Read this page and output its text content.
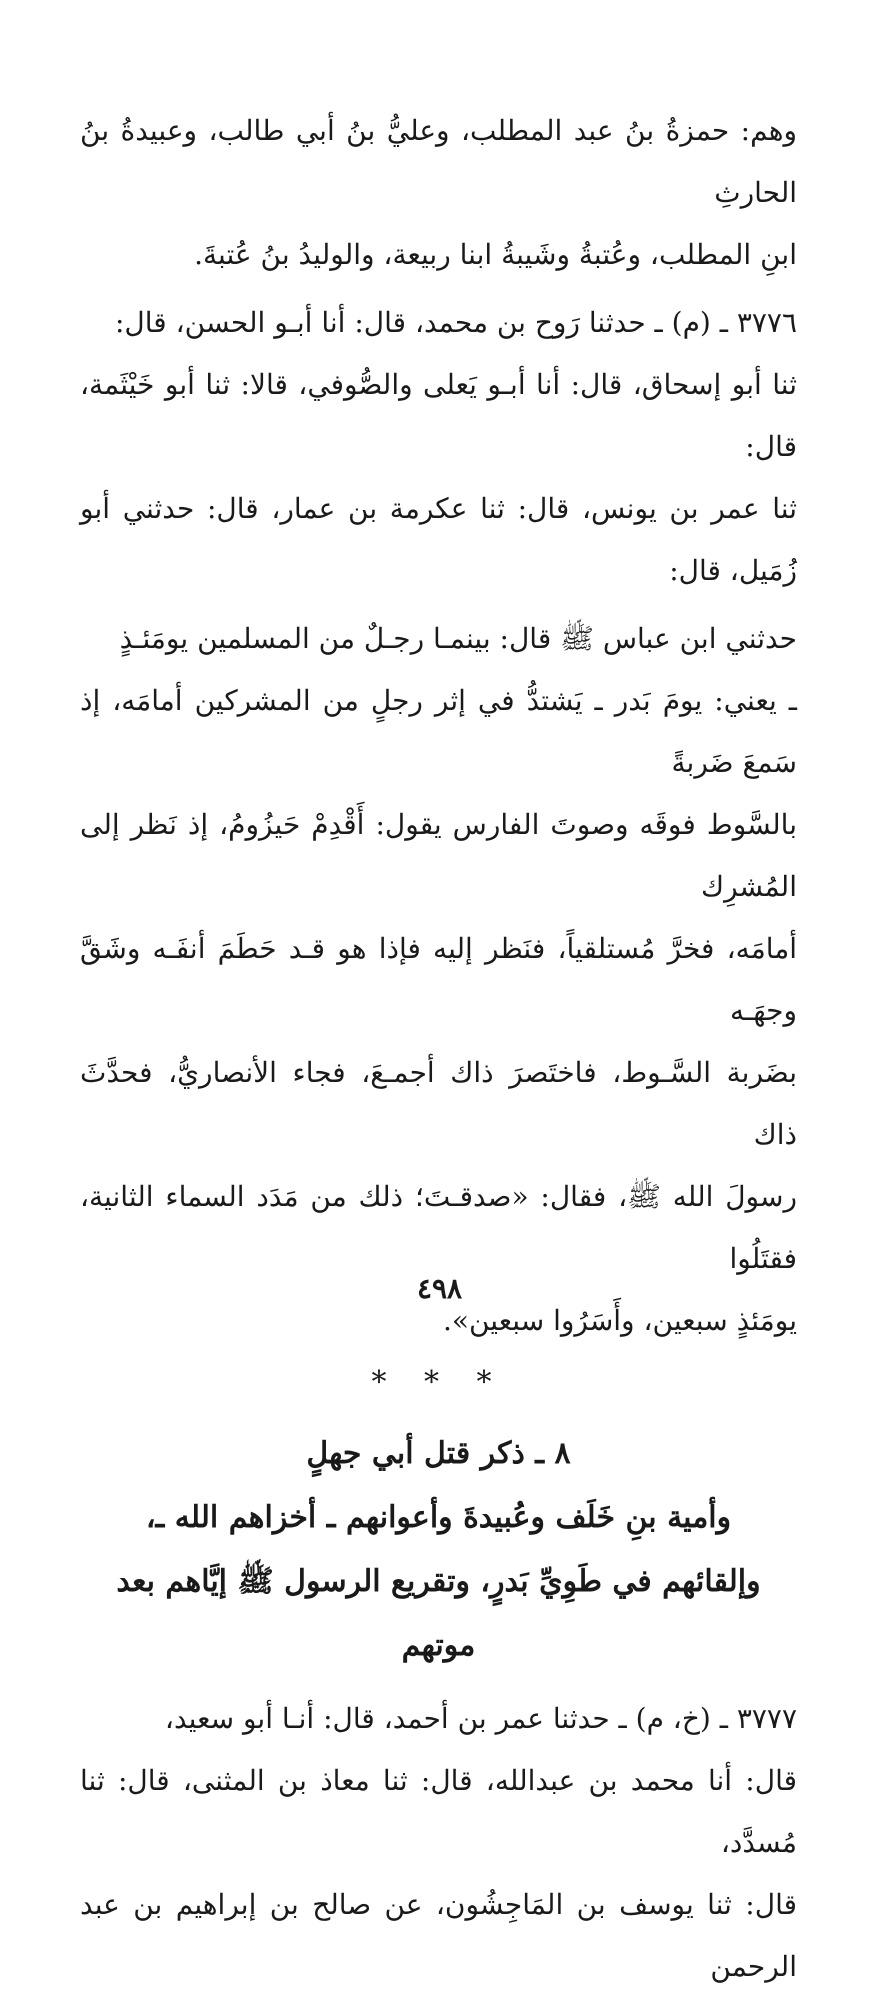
وهم: حمزةُ بنُ عبد المطلب، وعليُّ بنُ أبي طالب، وعبيدةُ بنُ الحارثِ

ابنِ المطلب، وعُتبةُ وشَيبةُ ابنا ربيعة، والوليدُ بنُ عُتبةَ.

٣٧٧٦ ـ (م) ـ حدثنا رَوح بن محمد، قال: أنا أبـو الحسن، قال:

ثنا أبو إسحاق، قال: أنا أبـو يَعلى والصُّوفي، قالا: ثنا أبو خَيْثَمة، قال:

ثنا عمر بن يونس، قال: ثنا عكرمة بن عمار، قال: حدثني أبو زُمَيل، قال:

حدثني ابن عباس ﷺ قال: بينمـا رجـلٌ من المسلمين يومَئـذٍ

ـ يعني: يومَ بَدر ـ يَشتدُّ في إثر رجلٍ من المشركين أمامَه، إذ سَمعَ ضَربةً

بالسَّوط فوقَه وصوتَ الفارس يقول: أَقْدِمْ حَيزُومُ، إذ نَظر إلى المُشرِك

أمامَه، فخرَّ مُستلقياً، فنَظر إليه فإذا هو قـد حَطَمَ أنفَـه وشَقَّ وجهَـه

بضَربة السَّـوط، فاختَصرَ ذاك أجمـعَ، فجاء الأنصاريُّ، فحدَّثَ ذاك

رسولَ الله ﷺ، فقال: «صدقـتَ؛ ذلك من مَدَد السماء الثانية، فقتَلُوا

يومَئذٍ سبعين، وأَسَرُوا سبعين».

* * *
٨ ـ ذكر قتل أبي جهلٍ
وأمية بنِ خَلَف وعُبيدةَ وأعوانهم ـ أخزاهم الله ـ،
وإلقائهم في طَوِيِّ بَدرٍ، وتقريع الرسول ﷺ إيَّاهم بعد موتهم

٣٧٧٧ ـ (خ، م) ـ حدثنا عمر بن أحمد، قال: أنـا أبو سعيد،

قال: أنا محمد بن عبدالله، قال: ثنا معاذ بن المثنى، قال: ثنا مُسدَّد،

قال: ثنا يوسف بن المَاجِشُون، عن صالح بن إبراهيم بن عبد الرحمن

٤٩٨
